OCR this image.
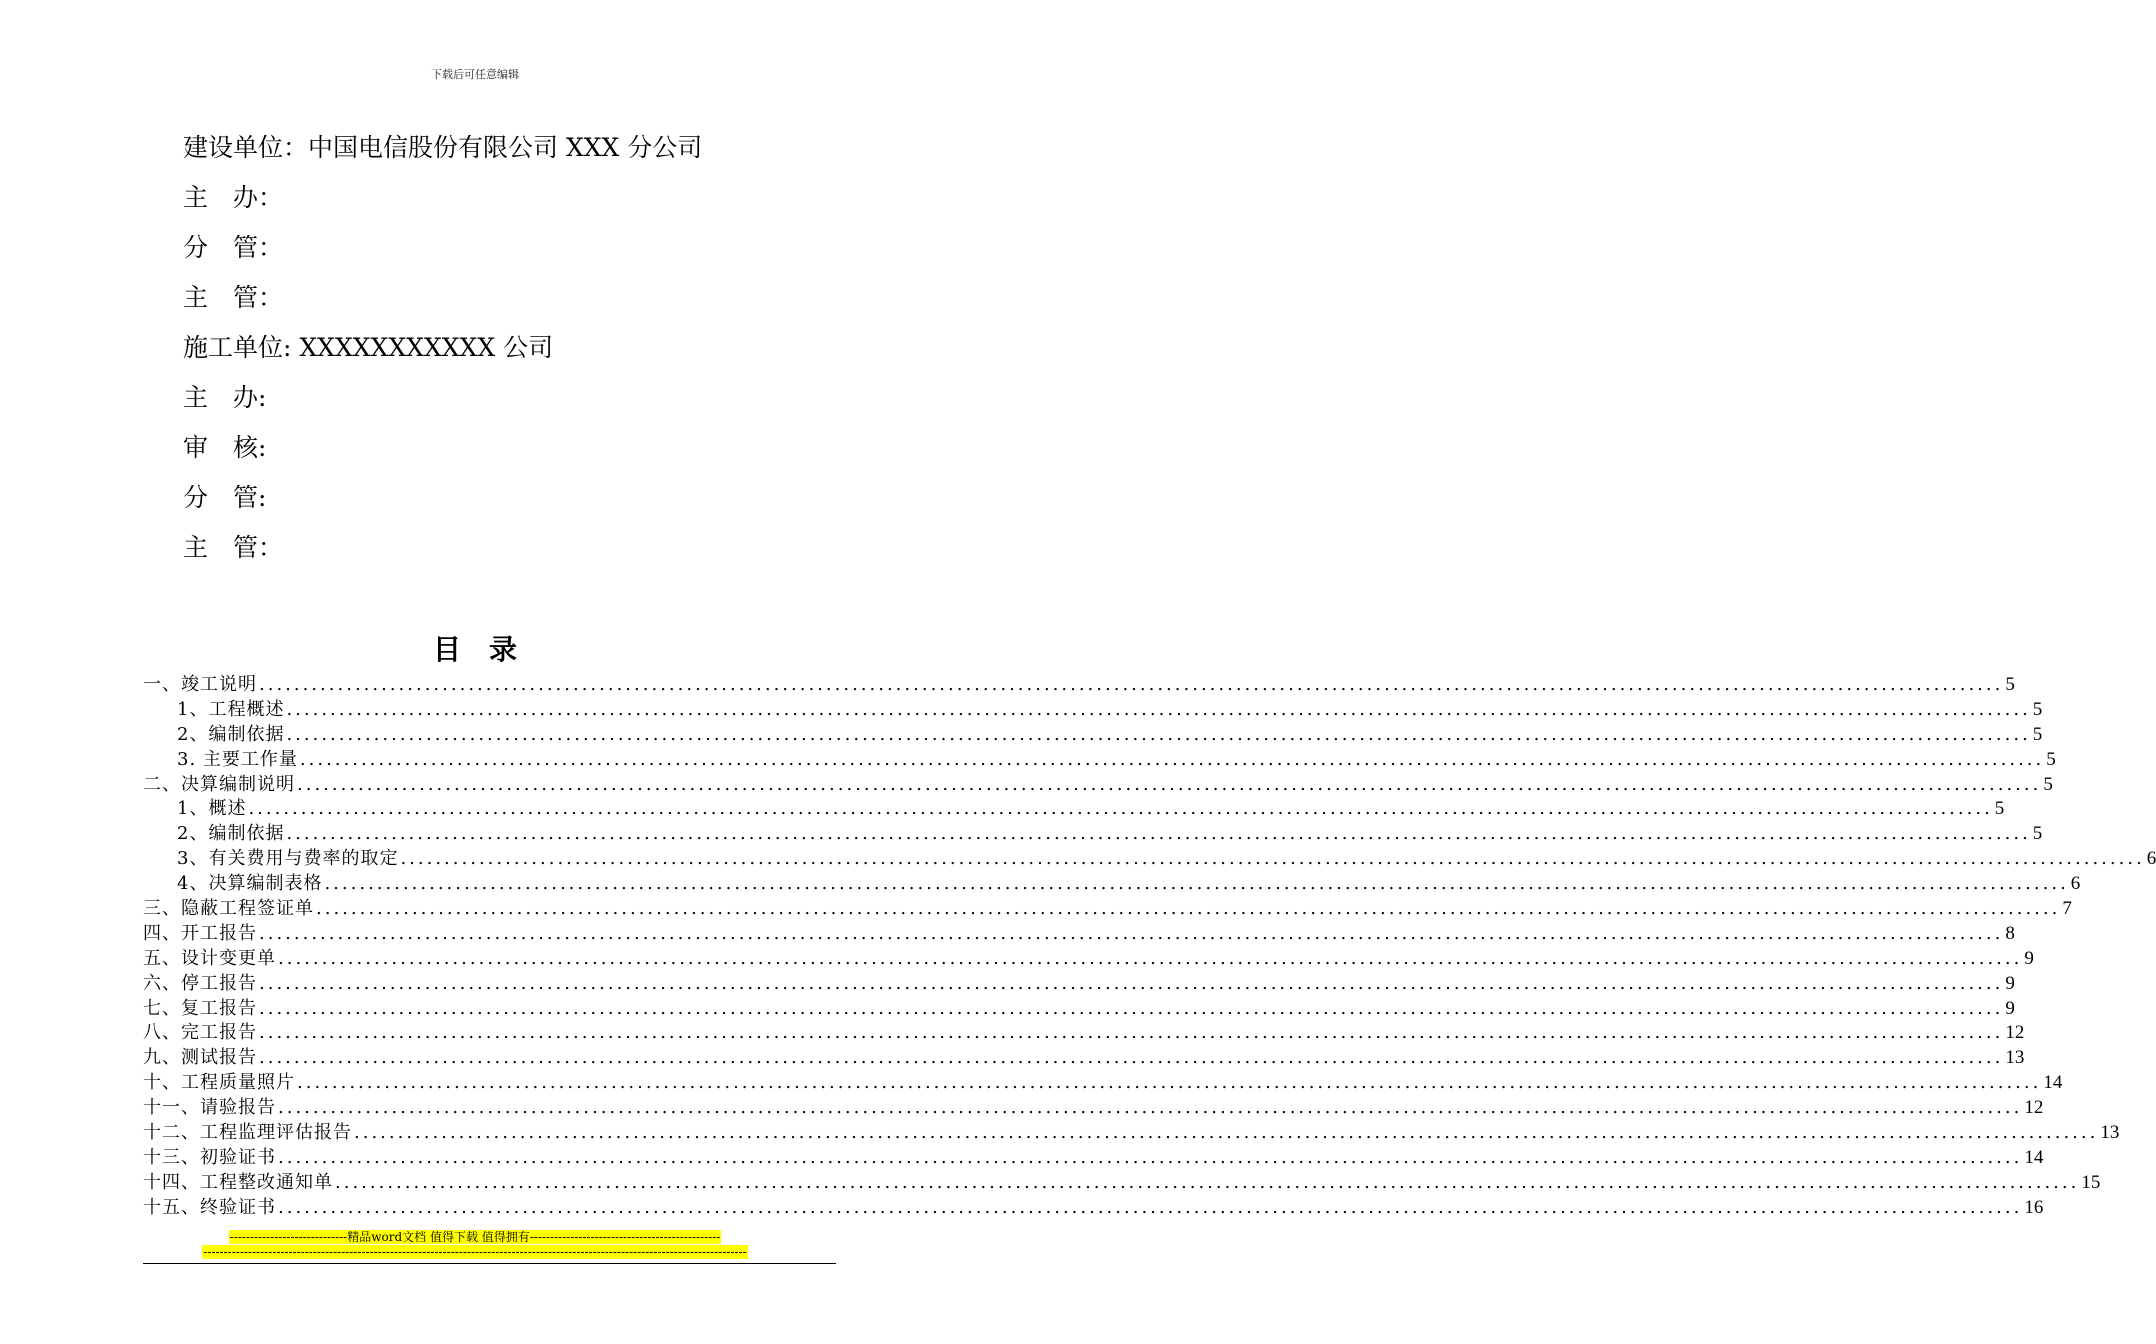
下载后可任意编辑
建设单位：中国电信股份有限公司 XXX 分公司
主　办：
分　管：
主　管：
施工单位: XXXXXXXXXXX 公司
主　办:
审　核:
分　管:
主　管：
目　录
一、竣工说明 ........................................................................................................................................................................................................ 5
1、工程概述 ........................................................................................................................................................................................................ 5
2、编制依据 ........................................................................................................................................................................................................ 5
3. 主要工作量 ........................................................................................................................................................................................................ 5
二、决算编制说明 ........................................................................................................................................................................................................ 5
1、概述 ........................................................................................................................................................................................................ 5
2、编制依据 ........................................................................................................................................................................................................ 5
3、有关费用与费率的取定 ........................................................................................................................................................................................................ 6
4、决算编制表格 ........................................................................................................................................................................................................ 6
三、隐蔽工程签证单 ........................................................................................................................................................................................................ 7
四、开工报告 ........................................................................................................................................................................................................ 8
五、设计变更单 ........................................................................................................................................................................................................ 9
六、停工报告 ........................................................................................................................................................................................................ 9
七、复工报告 ........................................................................................................................................................................................................ 9
八、完工报告 ........................................................................................................................................................................................................ 12
九、测试报告 ........................................................................................................................................................................................................ 13
十、工程质量照片 ........................................................................................................................................................................................................ 14
十一、请验报告 ........................................................................................................................................................................................................ 12
十二、工程监理评估报告 ........................................................................................................................................................................................................ 13
十三、初验证书 ........................................................................................................................................................................................................ 14
十四、工程整改通知单 ........................................................................................................................................................................................................ 15
十五、终验证书 ........................................................................................................................................................................................................ 16
-----------------------------精品word文档 值得下载 值得拥有-----------------------------------------------
--------------------------------------------------------------------------------------------------------------------------------------
